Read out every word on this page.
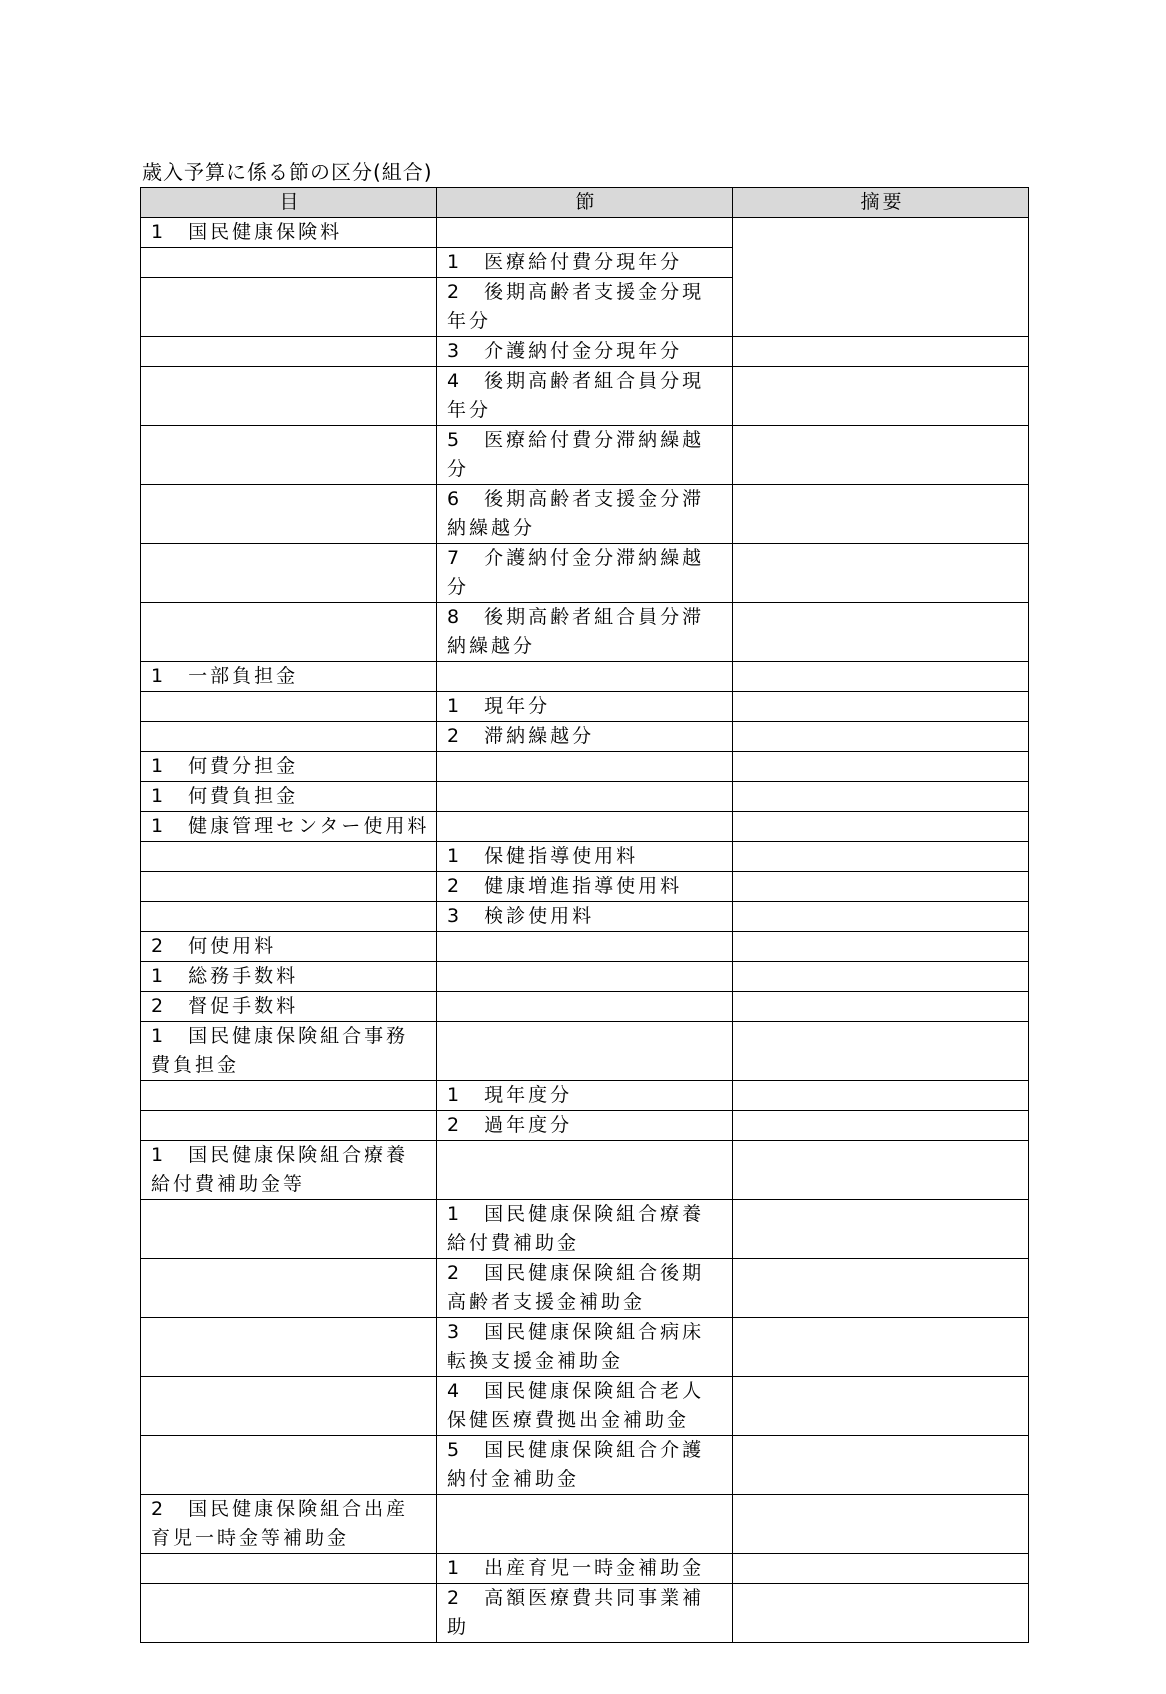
歳入予算に係る節の区分(組合)
目	節	摘要
1　国民健康保険料		
	1　医療給付費分現年分	
	2　後期高齢者支援金分現年分	
	3　介護納付金分現年分	
	4　後期高齢者組合員分現年分	
	5　医療給付費分滞納繰越分	
	6　後期高齢者支援金分滞納繰越分	
	7　介護納付金分滞納繰越分	
	8　後期高齢者組合員分滞納繰越分	
1　一部負担金		
	1　現年分	
	2　滞納繰越分	
1　何費分担金		
1　何費負担金		
1　健康管理センター使用料		
	1　保健指導使用料	
	2　健康増進指導使用料	
	3　検診使用料	
2　何使用料		
1　総務手数料		
2　督促手数料		
1　国民健康保険組合事務費負担金		
	1　現年度分	
	2　過年度分	
1　国民健康保険組合療養給付費補助金等		
	1　国民健康保険組合療養給付費補助金	
	2　国民健康保険組合後期高齢者支援金補助金	
	3　国民健康保険組合病床転換支援金補助金	
	4　国民健康保険組合老人保健医療費拠出金補助金	
	5　国民健康保険組合介護納付金補助金	
2　国民健康保険組合出産育児一時金等補助金		
	1　出産育児一時金補助金	
	2　高額医療費共同事業補助	
